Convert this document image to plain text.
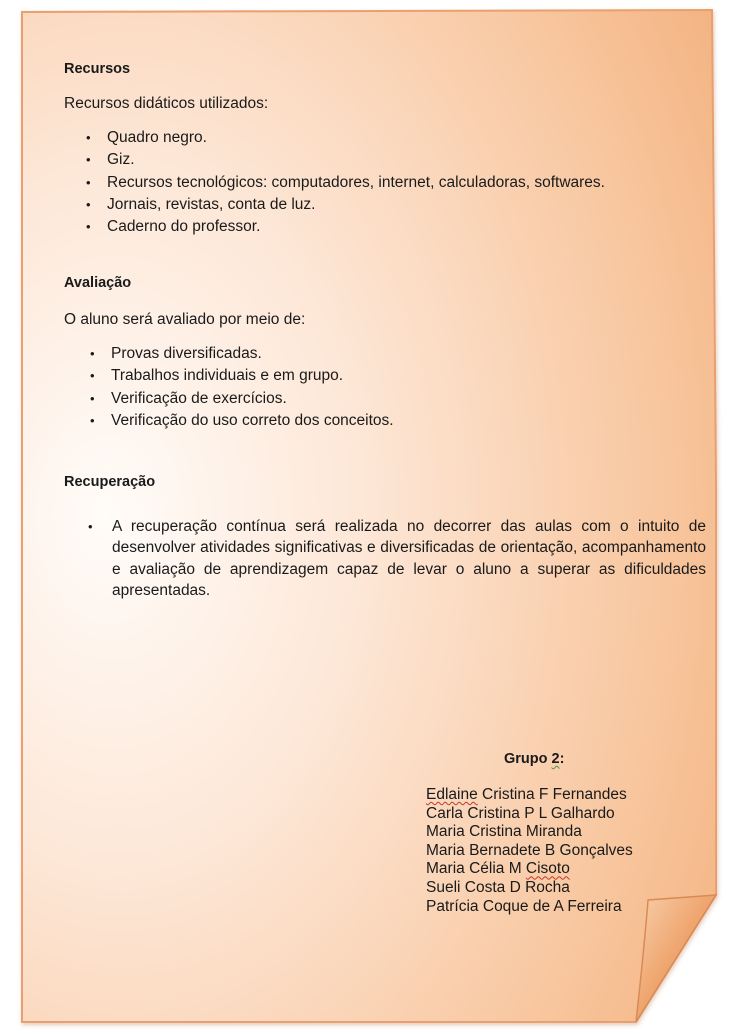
Recursos
Recursos didáticos utilizados:
• Quadro negro.
• Giz.
• Recursos tecnológicos: computadores, internet, calculadoras, softwares.
• Jornais, revistas, conta de luz.
• Caderno do professor.
Avaliação
O aluno será avaliado por meio de:
• Provas diversificadas.
• Trabalhos individuais e em grupo.
• Verificação de exercícios.
• Verificação do uso correto dos conceitos.
Recuperação
• A recuperação contínua será realizada no decorrer das aulas com o intuito de desenvolver atividades significativas e diversificadas de orientação, acompanhamento e avaliação de aprendizagem capaz de levar o aluno a superar as dificuldades apresentadas.
Grupo 2:
Edlaine Cristina F Fernandes
Carla Cristina P L Galhardo
Maria Cristina Miranda
Maria Bernadete B Gonçalves
Maria Célia M Cisoto
Sueli Costa D Rocha
Patrícia Coque de A Ferreira
